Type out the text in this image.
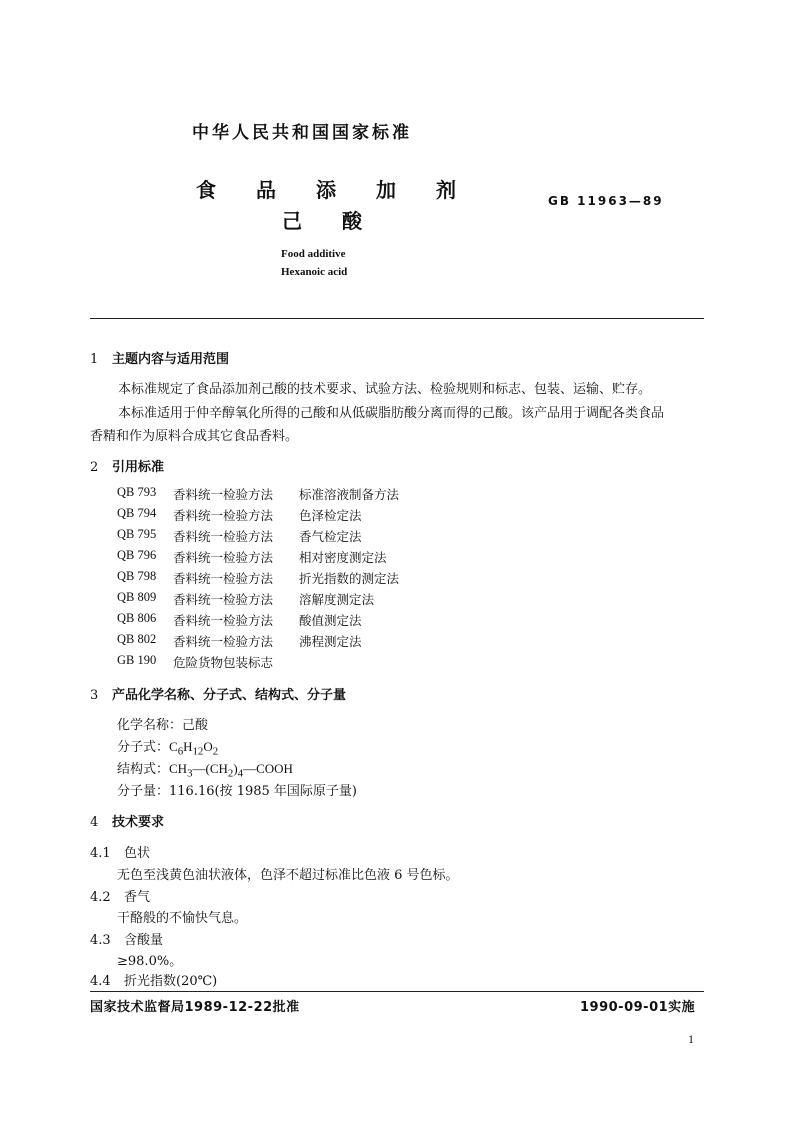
中华人民共和国国家标准
食 品 添 加 剂
己 酸
GB 11963—89
Food additive
Hexanoic acid
1 主题内容与适用范围
本标准规定了食品添加剂己酸的技术要求、试验方法、检验规则和标志、包装、运输、贮存。
本标准适用于仲辛醇氧化所得的己酸和从低碳脂肪酸分离而得的己酸。该产品用于调配各类食品
香精和作为原料合成其它食品香料。
2 引用标准
QB 793	香料统一检验方法	标准溶液制备方法
QB 794	香料统一检验方法	色泽检定法
QB 795	香料统一检验方法	香气检定法
QB 796	香料统一检验方法	相对密度测定法
QB 798	香料统一检验方法	折光指数的测定法
QB 809	香料统一检验方法	溶解度测定法
QB 806	香料统一检验方法	酸值测定法
QB 802	香料统一检验方法	沸程测定法
GB 190	危险货物包装标志
3 产品化学名称、分子式、结构式、分子量
化学名称：己酸
分子式：$C_6H_{12}O_2$
结构式：$CH_3—(CH_2)_4—COOH$
分子量：116.16(按 1985 年国际原子量)
4 技术要求
4.1 色状
无色至浅黄色油状液体，色泽不超过标准比色液 6 号色标。
4.2 香气
干酪般的不愉快气息。
4.3 含酸量
≥98.0%。
4.4 折光指数(20℃)
国家技术监督局1989-12-22批准	1990-09-01实施
1
